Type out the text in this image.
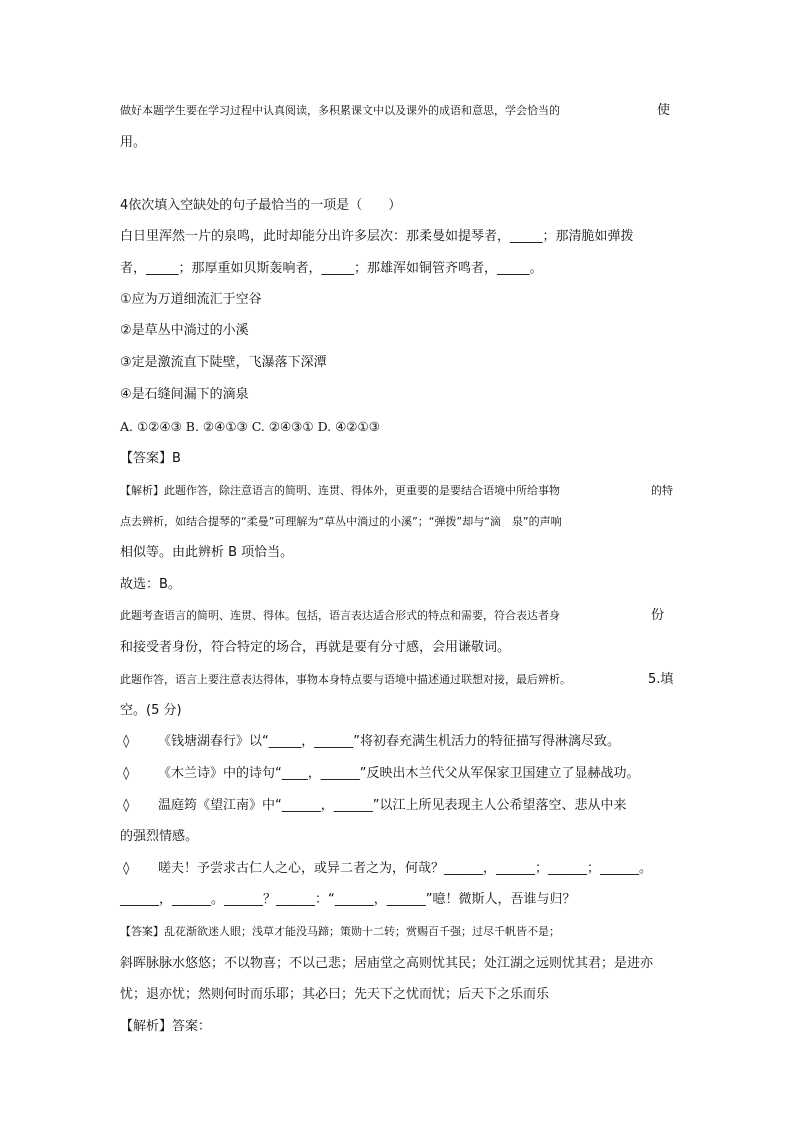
做好本题学生要在学习过程中认真阅读，多积累课文中以及课外的成语和意思，学会恰当的	使
用。
4依次填入空缺处的句子最恰当的一项是（　　）
白日里浑然一片的泉鸣，此时却能分出许多层次：那柔曼如提琴者，_____；那清脆如弹拨
者，_____；那厚重如贝斯轰响者，_____；那雄浑如铜管齐鸣者，_____。
①应为万道细流汇于空谷
②是草丛中淌过的小溪
③定是激流直下陡壁，飞瀑落下深潭
④是石缝间漏下的滴泉
A. ①②④③ B. ②④①③ C. ②④③① D. ④②①③
【答案】B
【解析】此题作答，除注意语言的简明、连贯、得体外，更重要的是要结合语境中所给事物	的特
点去辨析，如结合提琴的“柔曼”可理解为“草丛中淌过的小溪”；“弹拨”却与“滴　泉”的声响
相似等。由此辨析 B 项恰当。
故选：B。
此题考查语言的简明、连贯、得体。包括，语言表达适合形式的特点和需要，符合表达者身	份
和接受者身份，符合特定的场合，再就是要有分寸感，会用谦敬词。
此题作答，语言上要注意表达得体，事物本身特点要与语境中描述通过联想对接，最后辨析。	5.填
空。(5 分)
◊ 《钱塘湖春行》以“_____，______”将初春充满生机活力的特征描写得淋漓尽致。
◊ 《木兰诗》中的诗句“____，______”反映出木兰代父从军保家卫国建立了显赫战功。
◊ 温庭筠《望江南》中“______，______”以江上所见表现主人公希望落空、悲从中来
的强烈情感。
◊ 嗟夫！予尝求古仁人之心，或异二者之为，何哉？______，______；______；______。
______，______。______？______：“______，______”噫！微斯人，吾谁与归？
【答案】乱花渐欲迷人眼；浅草才能没马蹄；策勋十二转；赏赐百千强；过尽千帆皆不是；
斜晖脉脉水悠悠；不以物喜；不以己悲；居庙堂之高则忧其民；处江湖之远则忧其君；是进亦
忧；退亦忧；然则何时而乐耶；其必曰；先天下之忧而忧；后天下之乐而乐
【解析】答案：
